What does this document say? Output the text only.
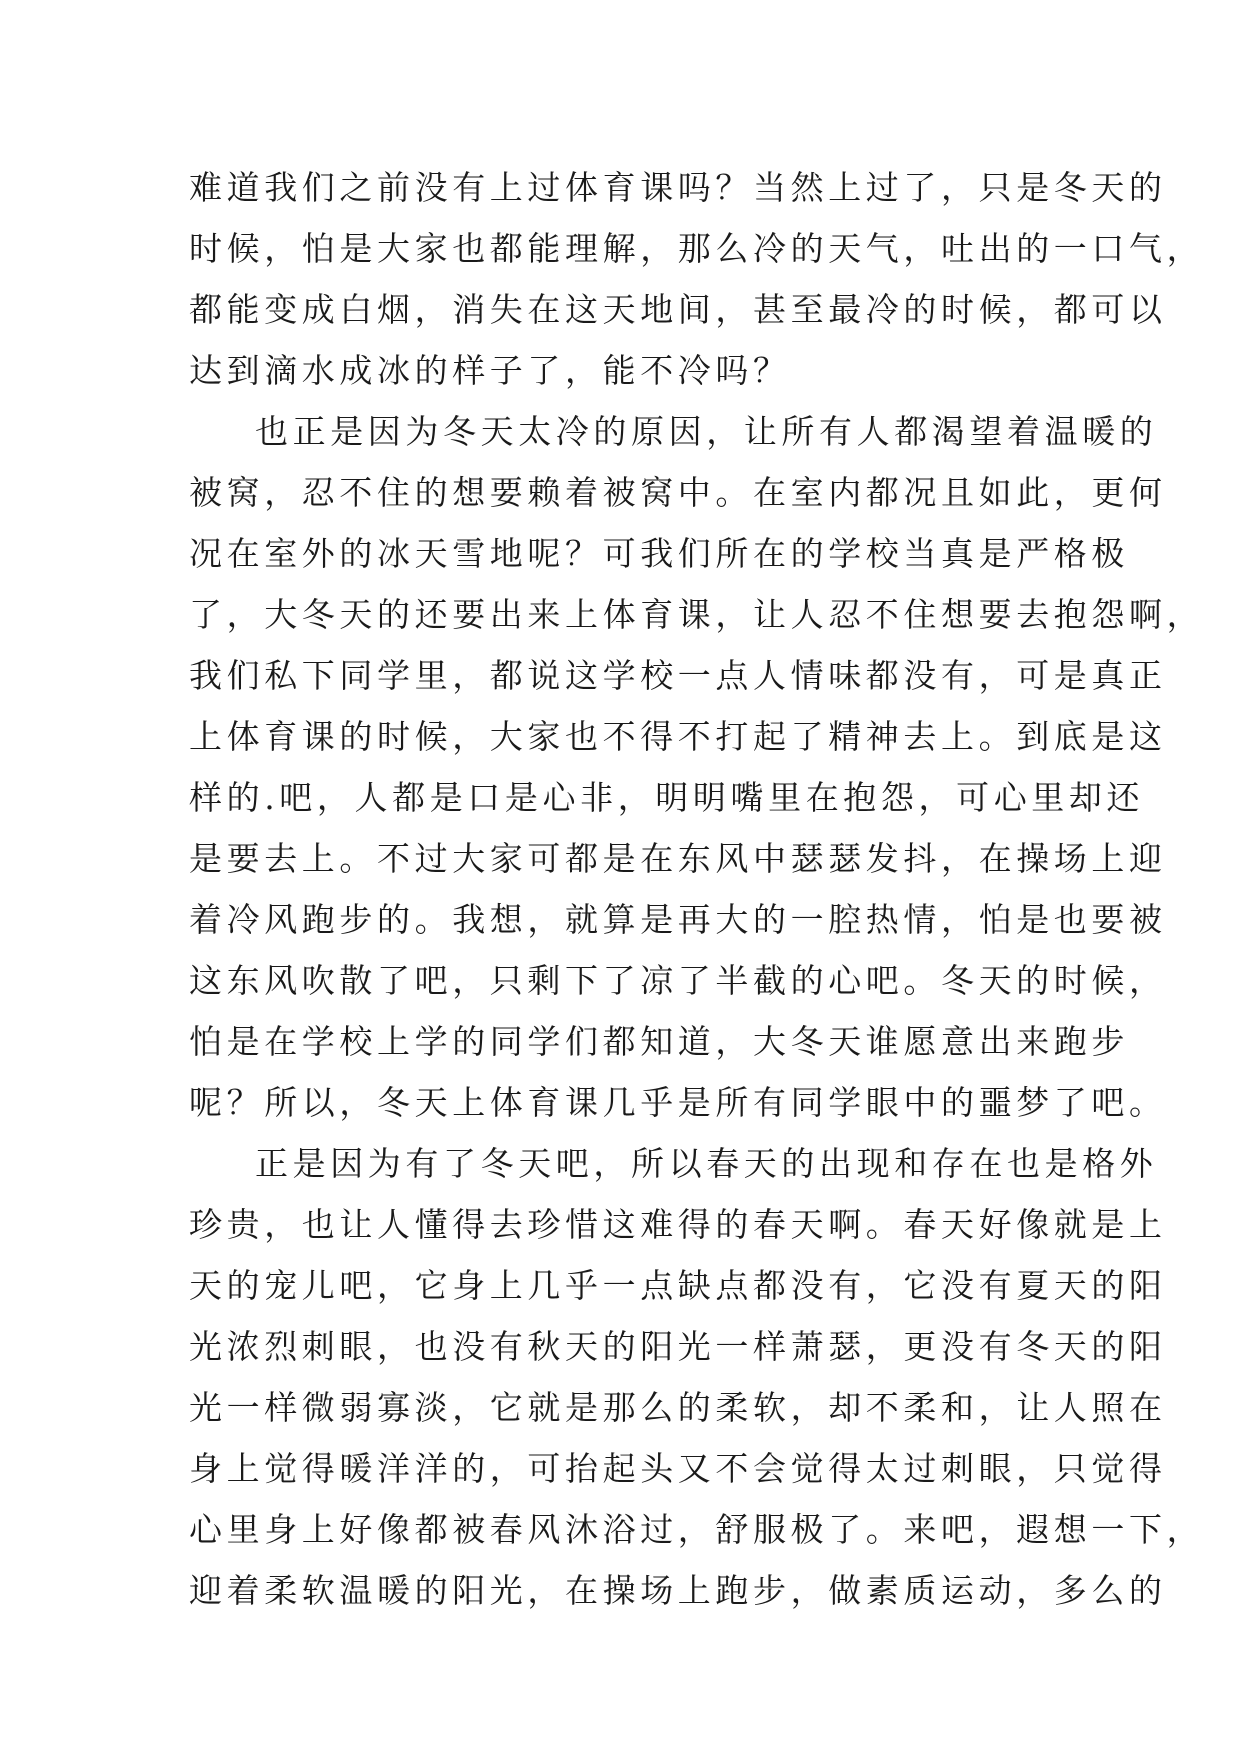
难道我们之前没有上过体育课吗？当然上过了，只是冬天的
时候，怕是大家也都能理解，那么冷的天气，吐出的一口气，
都能变成白烟，消失在这天地间，甚至最冷的时候，都可以
达到滴水成冰的样子了，能不冷吗？
也正是因为冬天太冷的原因，让所有人都渴望着温暖的
被窝，忍不住的想要赖着被窝中。在室内都况且如此，更何
况在室外的冰天雪地呢？可我们所在的学校当真是严格极
了，大冬天的还要出来上体育课，让人忍不住想要去抱怨啊，
我们私下同学里，都说这学校一点人情味都没有，可是真正
上体育课的时候，大家也不得不打起了精神去上。到底是这
样的.吧，人都是口是心非，明明嘴里在抱怨，可心里却还
是要去上。不过大家可都是在东风中瑟瑟发抖，在操场上迎
着冷风跑步的。我想，就算是再大的一腔热情，怕是也要被
这东风吹散了吧，只剩下了凉了半截的心吧。冬天的时候，
怕是在学校上学的同学们都知道，大冬天谁愿意出来跑步
呢？所以，冬天上体育课几乎是所有同学眼中的噩梦了吧。
正是因为有了冬天吧，所以春天的出现和存在也是格外
珍贵，也让人懂得去珍惜这难得的春天啊。春天好像就是上
天的宠儿吧，它身上几乎一点缺点都没有，它没有夏天的阳
光浓烈刺眼，也没有秋天的阳光一样萧瑟，更没有冬天的阳
光一样微弱寡淡，它就是那么的柔软，却不柔和，让人照在
身上觉得暖洋洋的，可抬起头又不会觉得太过刺眼，只觉得
心里身上好像都被春风沐浴过，舒服极了。来吧，遐想一下，
迎着柔软温暖的阳光，在操场上跑步，做素质运动，多么的
